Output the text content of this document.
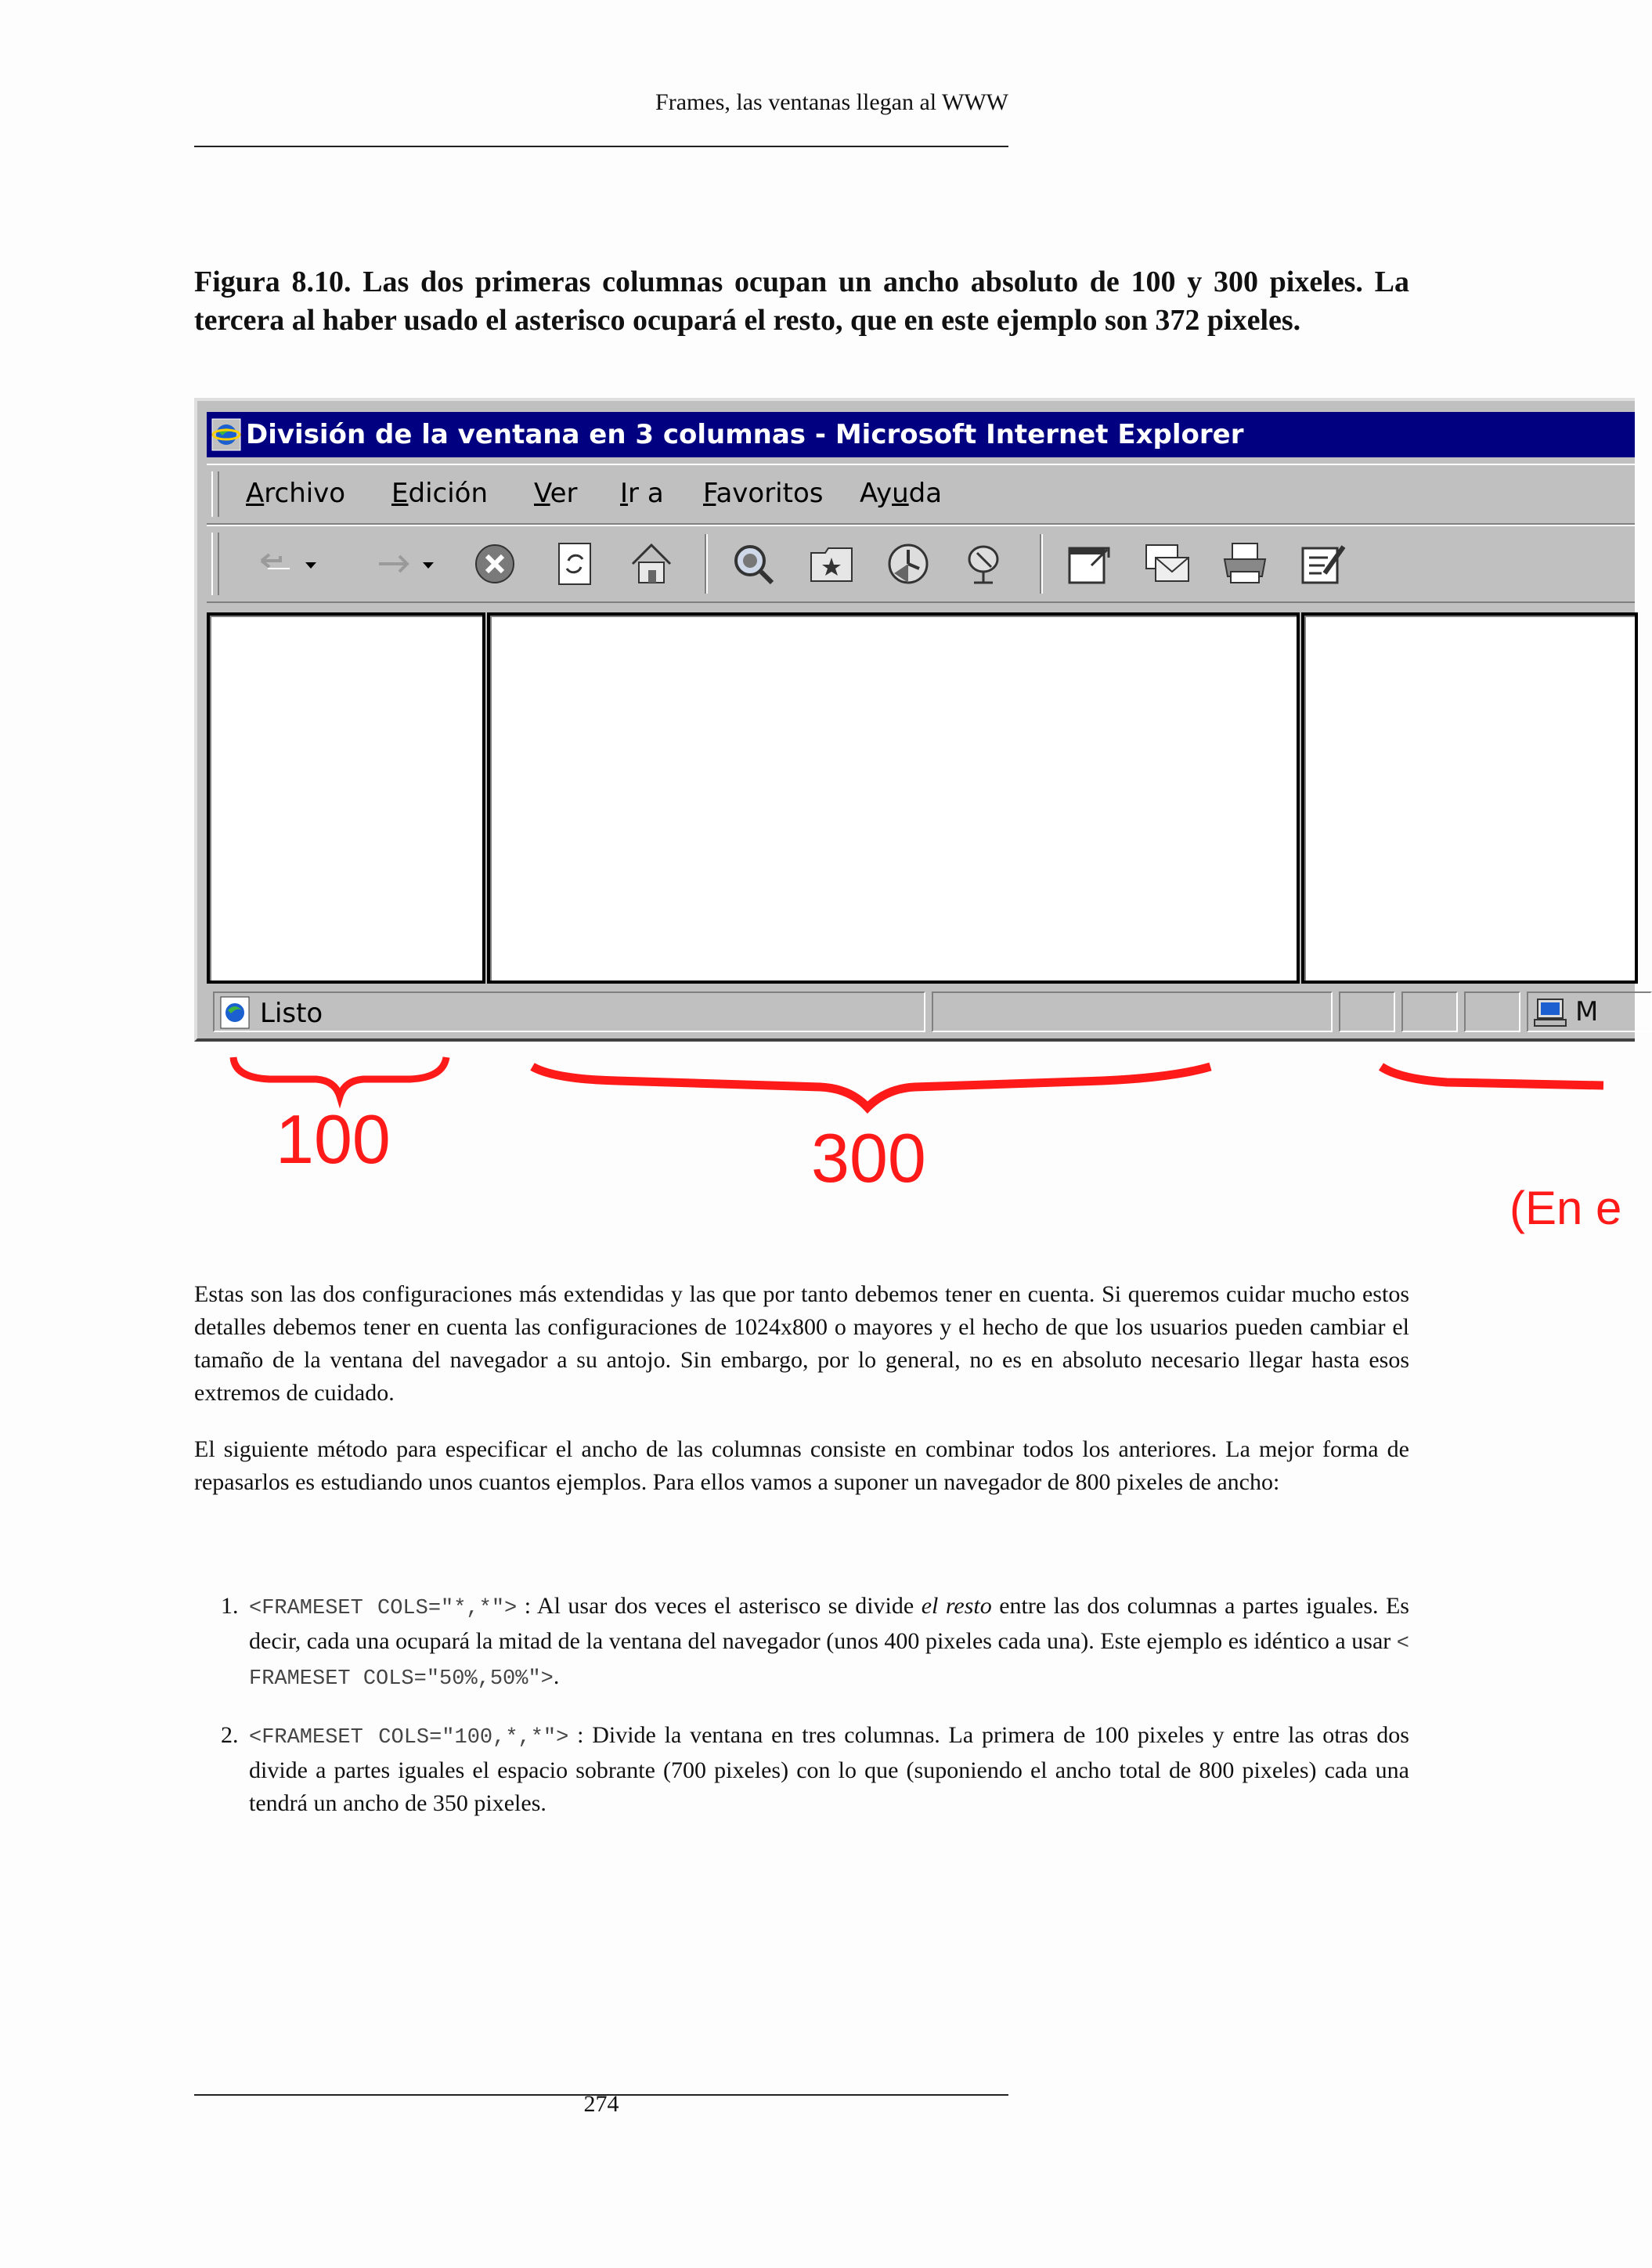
Frames, las ventanas llegan al WWW
Figura 8.10. Las dos primeras columnas ocupan un ancho absoluto de 100 y 300 pixeles. La tercera al haber usado el asterisco ocupará el resto, que en este ejemplo son 372 pixeles.
División de la ventana en 3 columnas - Microsoft Internet Explorer
Archivo Edición Ver Ir a Favoritos Ayuda
Listo	M
100	300
(En e
Estas son las dos configuraciones más extendidas y las que por tanto debemos tener en cuenta. Si queremos cuidar mucho estos detalles debemos tener en cuenta las configuraciones de 1024x800 o mayores y el hecho de que los usuarios pueden cambiar el tamaño de la ventana del navegador a su antojo. Sin embargo, por lo general, no es en absoluto necesario llegar hasta esos extremos de cuidado.
El siguiente método para especificar el ancho de las columnas consiste en combinar todos los anteriores. La mejor forma de repasarlos es estudiando unos cuantos ejemplos. Para ellos vamos a suponer un navegador de 800 pixeles de ancho:
1. <FRAMESET COLS="*,*"> : Al usar dos veces el asterisco se divide el resto entre las dos columnas a partes iguales. Es decir, cada una ocupará la mitad de la ventana del navegador (unos 400 pixeles cada una). Este ejemplo es idéntico a usar < FRAMESET COLS="50%,50%">.
2. <FRAMESET COLS="100,*,*"> : Divide la ventana en tres columnas. La primera de 100 pixeles y entre las otras dos divide a partes iguales el espacio sobrante (700 pixeles) con lo que (suponiendo el ancho total de 800 pixeles) cada una tendrá un ancho de 350 pixeles.
274
